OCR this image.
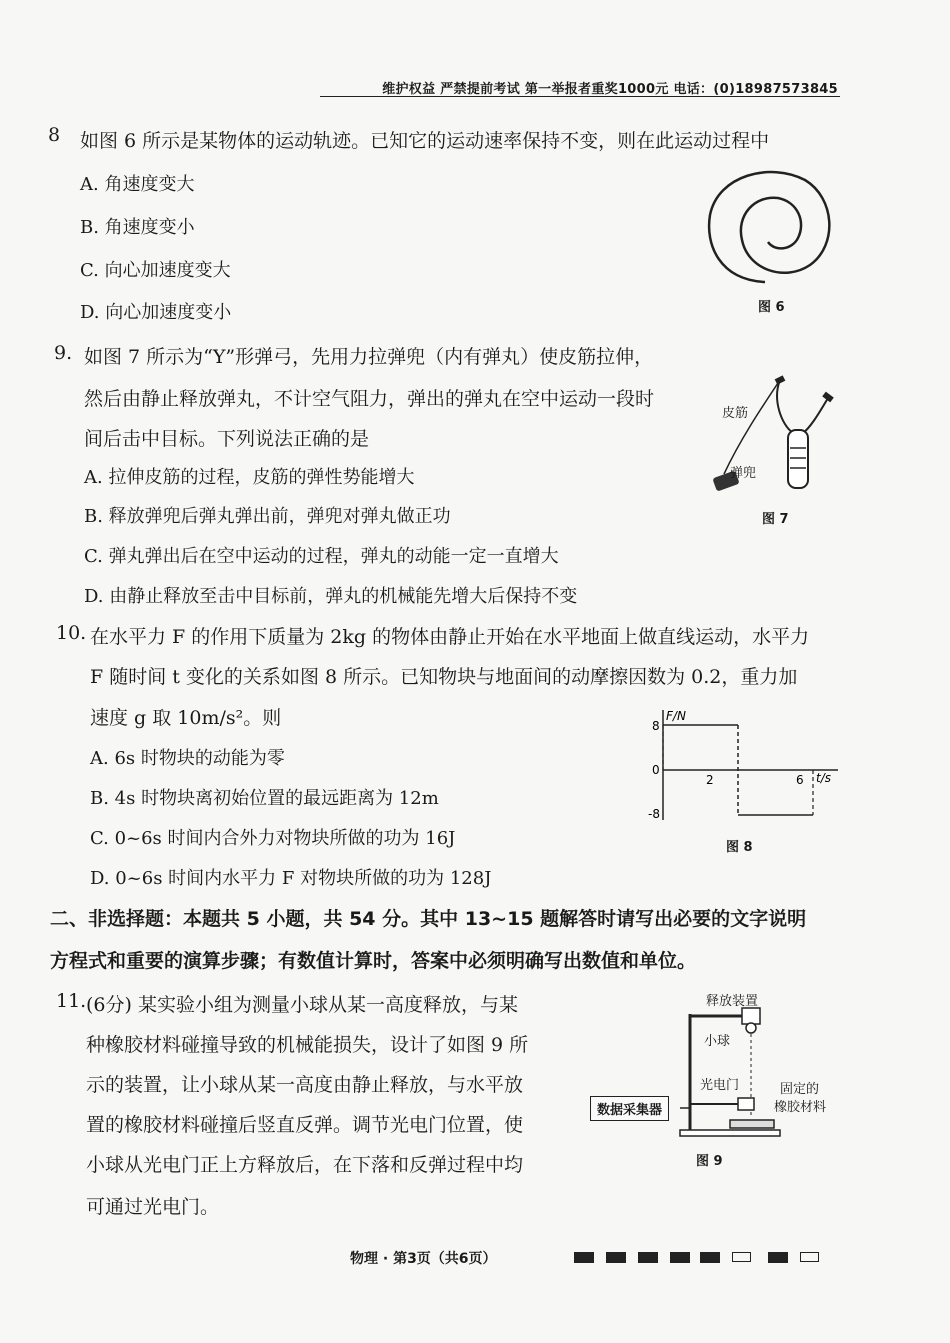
维护权益 严禁提前考试 第一举报者重奖1000元 电话：(0)18987573845
8 如图 6 所示是某物体的运动轨迹。已知它的运动速率保持不变，则在此运动过程中
A. 角速度变大
B. 角速度变小
C. 向心加速度变大
D. 向心加速度变小	图 6
9. 如图 7 所示为“Y”形弹弓，先用力拉弹兜（内有弹丸）使皮筋拉伸，
然后由静止释放弹丸，不计空气阻力，弹出的弹丸在空中运动一段时
间后击中目标。下列说法正确的是
A. 拉伸皮筋的过程，皮筋的弹性势能增大
B. 释放弹兜后弹丸弹出前，弹兜对弹丸做正功
C. 弹丸弹出后在空中运动的过程，弹丸的动能一定一直增大
D. 由静止释放至击中目标前，弹丸的机械能先增大后保持不变
皮筋
弹兜
图 7
10. 在水平力 F 的作用下质量为 2kg 的物体由静止开始在水平地面上做直线运动，水平力
F 随时间 t 变化的关系如图 8 所示。已知物块与地面间的动摩擦因数为 0.2，重力加
速度 g 取 10m/s²。则
A. 6s 时物块的动能为零
B. 4s 时物块离初始位置的最远距离为 12m
C. 0~6s 时间内合外力对物块所做的功为 16J
D. 0~6s 时间内水平力 F 对物块所做的功为 128J
F/N
t/s
8
0
-8
2	6
图 8
二、非选择题：本题共 5 小题，共 54 分。其中 13~15 题解答时请写出必要的文字说明
方程式和重要的演算步骤；有数值计算时，答案中必须明确写出数值和单位。
11. (6分) 某实验小组为测量小球从某一高度释放，与某
种橡胶材料碰撞导致的机械能损失，设计了如图 9 所
示的装置，让小球从某一高度由静止释放，与水平放
置的橡胶材料碰撞后竖直反弹。调节光电门位置，使
小球从光电门正上方释放后，在下落和反弹过程中均
可通过光电门。
释放装置
小球
光电门
数据采集器
固定的
橡胶材料
图 9
物理 · 第3页（共6页）
